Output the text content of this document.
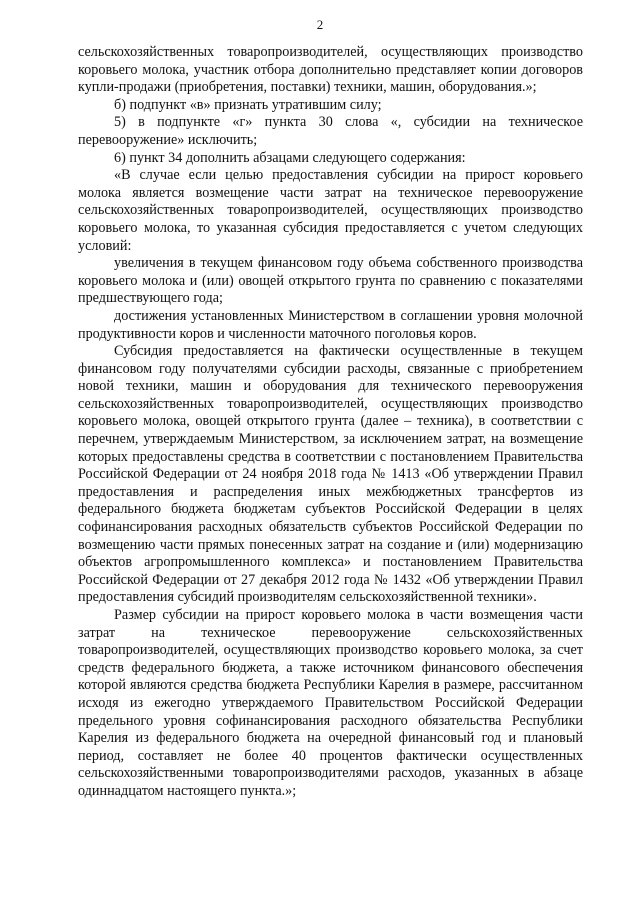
2

сельскохозяйственных товаропроизводителей, осуществляющих производство коровьего молока, участник отбора дополнительно представляет копии договоров купли-продажи (приобретения, поставки) техники, машин, оборудования.»;

б) подпункт «в» признать утратившим силу;

5) в подпункте «г» пункта 30 слова «, субсидии на техническое перевооружение» исключить;

6) пункт 34 дополнить абзацами следующего содержания:

«В случае если целью предоставления субсидии на прирост коровьего молока является возмещение части затрат на техническое перевооружение сельскохозяйственных товаропроизводителей, осуществляющих производство коровьего молока, то указанная субсидия предоставляется с учетом следующих условий:

увеличения в текущем финансовом году объема собственного производства коровьего молока и (или) овощей открытого грунта по сравнению с показателями предшествующего года;

достижения установленных Министерством в соглашении уровня молочной продуктивности коров и численности маточного поголовья коров.

Субсидия предоставляется на фактически осуществленные в текущем финансовом году получателями субсидии расходы, связанные с приобретением новой техники, машин и оборудования для технического перевооружения сельскохозяйственных товаропроизводителей, осуществляющих производство коровьего молока, овощей открытого грунта (далее – техника), в соответствии с перечнем, утверждаемым Министерством, за исключением затрат, на возмещение которых предоставлены средства в соответствии с постановлением Правительства Российской Федерации от 24 ноября 2018 года № 1413 «Об утверждении Правил предоставления и распределения иных межбюджетных трансфертов из федерального бюджета бюджетам субъектов Российской Федерации в целях софинансирования расходных обязательств субъектов Российской Федерации по возмещению части прямых понесенных затрат на создание и (или) модернизацию объектов агропромышленного комплекса» и постановлением Правительства Российской Федерации от 27 декабря 2012 года № 1432 «Об утверждении Правил предоставления субсидий производителям сельскохозяйственной техники».

Размер субсидии на прирост коровьего молока в части возмещения части затрат на техническое перевооружение сельскохозяйственных товаропроизводителей, осуществляющих производство коровьего молока, за счет средств федерального бюджета, а также источником финансового обеспечения которой являются средства бюджета Республики Карелия в размере, рассчитанном исходя из ежегодно утверждаемого Правительством Российской Федерации предельного уровня софинансирования расходного обязательства Республики Карелия из федерального бюджета на очередной финансовый год и плановый период, составляет не более 40 процентов фактически осуществленных сельскохозяйственными товаропроизводителями расходов, указанных в абзаце одиннадцатом настоящего пункта.»;
